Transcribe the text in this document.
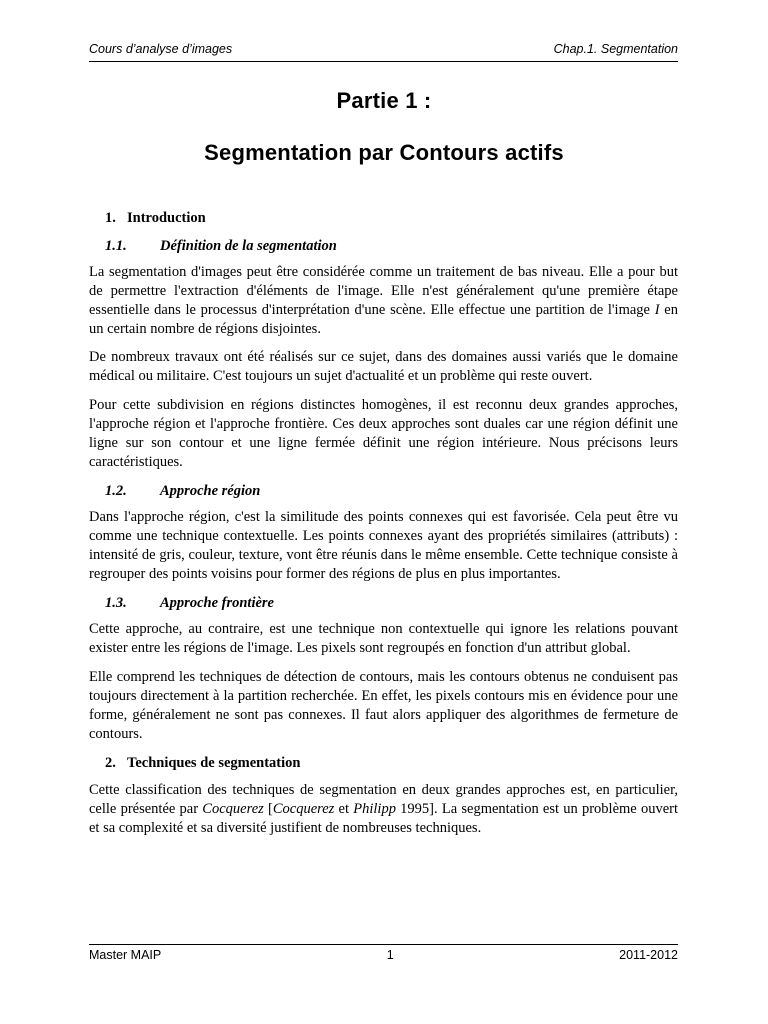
Cours d’analyse d’images	Chap.1. Segmentation
Partie 1 :
Segmentation par Contours actifs
1. Introduction
1.1. Définition de la segmentation

La segmentation d'images peut être considérée comme un traitement de bas niveau. Elle a pour but de permettre l'extraction d'éléments de l'image. Elle n'est généralement qu'une première étape essentielle dans le processus d'interprétation d'une scène. Elle effectue une partition de l'image I en un certain nombre de régions disjointes.

De nombreux travaux ont été réalisés sur ce sujet, dans des domaines aussi variés que le domaine médical ou militaire. C'est toujours un sujet d'actualité et un problème qui reste ouvert.

Pour cette subdivision en régions distinctes homogènes, il est reconnu deux grandes approches, l'approche région et l'approche frontière. Ces deux approches sont duales car une région définit une ligne sur son contour et une ligne fermée définit une région intérieure. Nous précisons leurs caractéristiques.

1.2. Approche région

Dans l'approche région, c'est la similitude des points connexes qui est favorisée. Cela peut être vu comme une technique contextuelle. Les points connexes ayant des propriétés similaires (attributs) : intensité de gris, couleur, texture, vont être réunis dans le même ensemble. Cette technique consiste à regrouper des points voisins pour former des régions de plus en plus importantes.

1.3. Approche frontière

Cette approche, au contraire, est une technique non contextuelle qui ignore les relations pouvant exister entre les régions de l'image. Les pixels sont regroupés en fonction d'un attribut global.

Elle comprend les techniques de détection de contours, mais les contours obtenus ne conduisent pas toujours directement à la partition recherchée. En effet, les pixels contours mis en évidence pour une forme, généralement ne sont pas connexes. Il faut alors appliquer des algorithmes de fermeture de contours.

2. Techniques de segmentation

Cette classification des techniques de segmentation en deux grandes approches est, en particulier, celle présentée par Cocquerez [Cocquerez et Philipp 1995]. La segmentation est un problème ouvert et sa complexité et sa diversité justifient de nombreuses techniques.

Master MAIP	1	2011-2012
